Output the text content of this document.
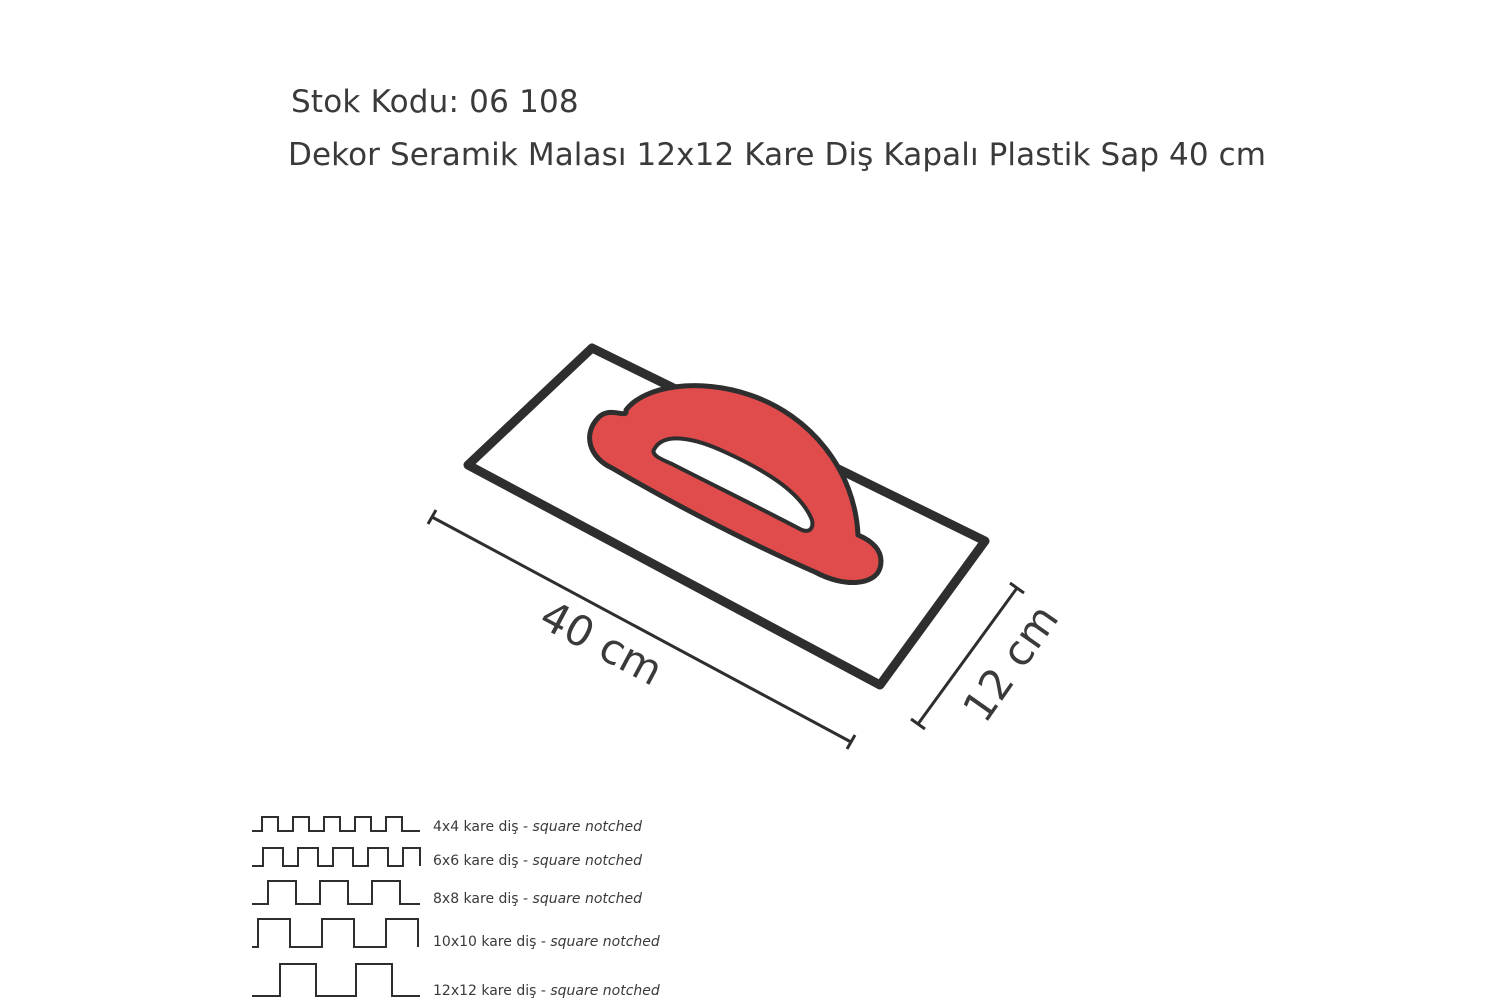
Stok Kodu: 06 108
Dekor Seramik Malası 12x12 Kare Diş Kapalı Plastik Sap 40 cm
40 cm	12 cm
4x4 kare diş - square notched
6x6 kare diş - square notched
8x8 kare diş - square notched
10x10 kare diş - square notched
12x12 kare diş - square notched
